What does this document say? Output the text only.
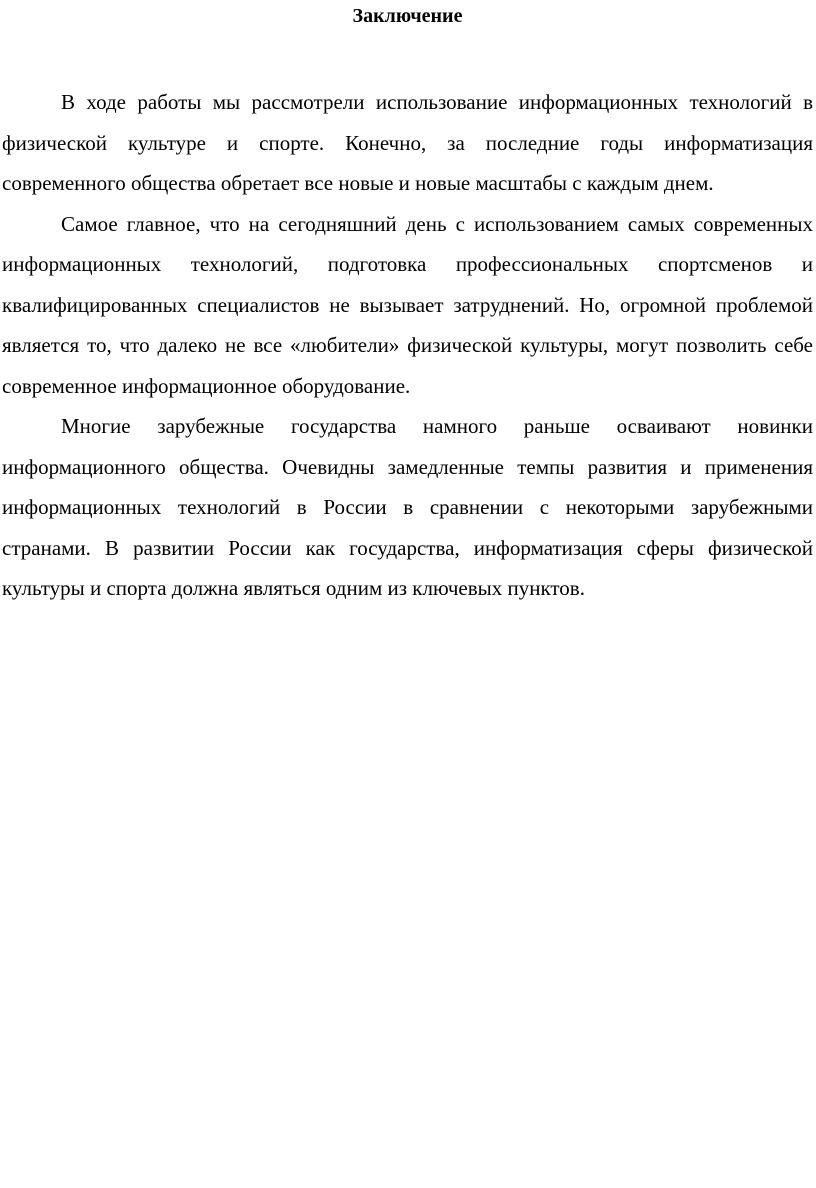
Заключение

В ходе работы мы рассмотрели использование информационных технологий в физической культуре и спорте. Конечно, за последние годы информатизация современного общества обретает все новые и новые масштабы с каждым днем.

Самое главное, что на сегодняшний день с использованием самых современных информационных технологий, подготовка профессиональных спортсменов и квалифицированных специалистов не вызывает затруднений. Но, огромной проблемой является то, что далеко не все «любители» физической культуры, могут позволить себе современное информационное оборудование.

Многие зарубежные государства намного раньше осваивают новинки информационного общества. Очевидны замедленные темпы развития и применения информационных технологий в России в сравнении с некоторыми зарубежными странами. В развитии России как государства, информатизация сферы физической культуры и спорта должна являться одним из ключевых пунктов.
